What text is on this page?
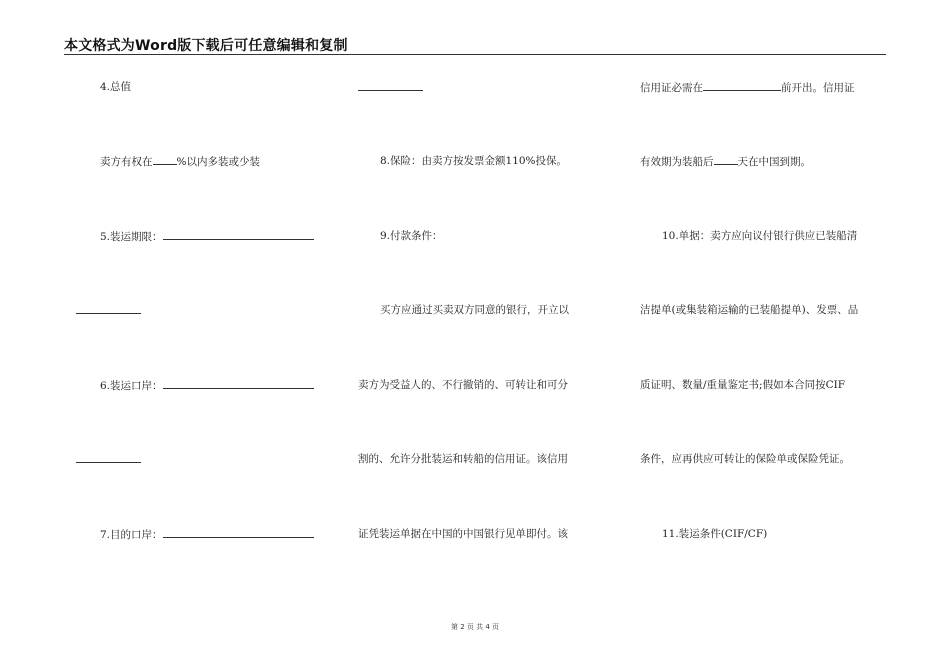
本文格式为Word版下载后可任意编辑和复制
4.总值
卖方有权在 %以内多装或少装
5.装运期限：
6.装运口岸：
7.目的口岸：
8.保险：由卖方按发票金额110%投保。
9.付款条件：
买方应通过买卖双方同意的银行，开立以
卖方为受益人的、不行撤销的、可转让和可分
割的、允许分批装运和转船的信用证。该信用
证凭装运单据在中国的中国银行见单即付。该
信用证必需在	前开出。信用证
有效期为装船后 天在中国到期。
10.单据：卖方应向议付银行供应已装船清
洁提单(或集装箱运输的已装船提单)、发票、品
质证明、数量/重量鉴定书;假如本合同按CIF
条件，应再供应可转让的保险单或保险凭证。
11.装运条件(CIF/CF)
第 2 页 共 4 页
